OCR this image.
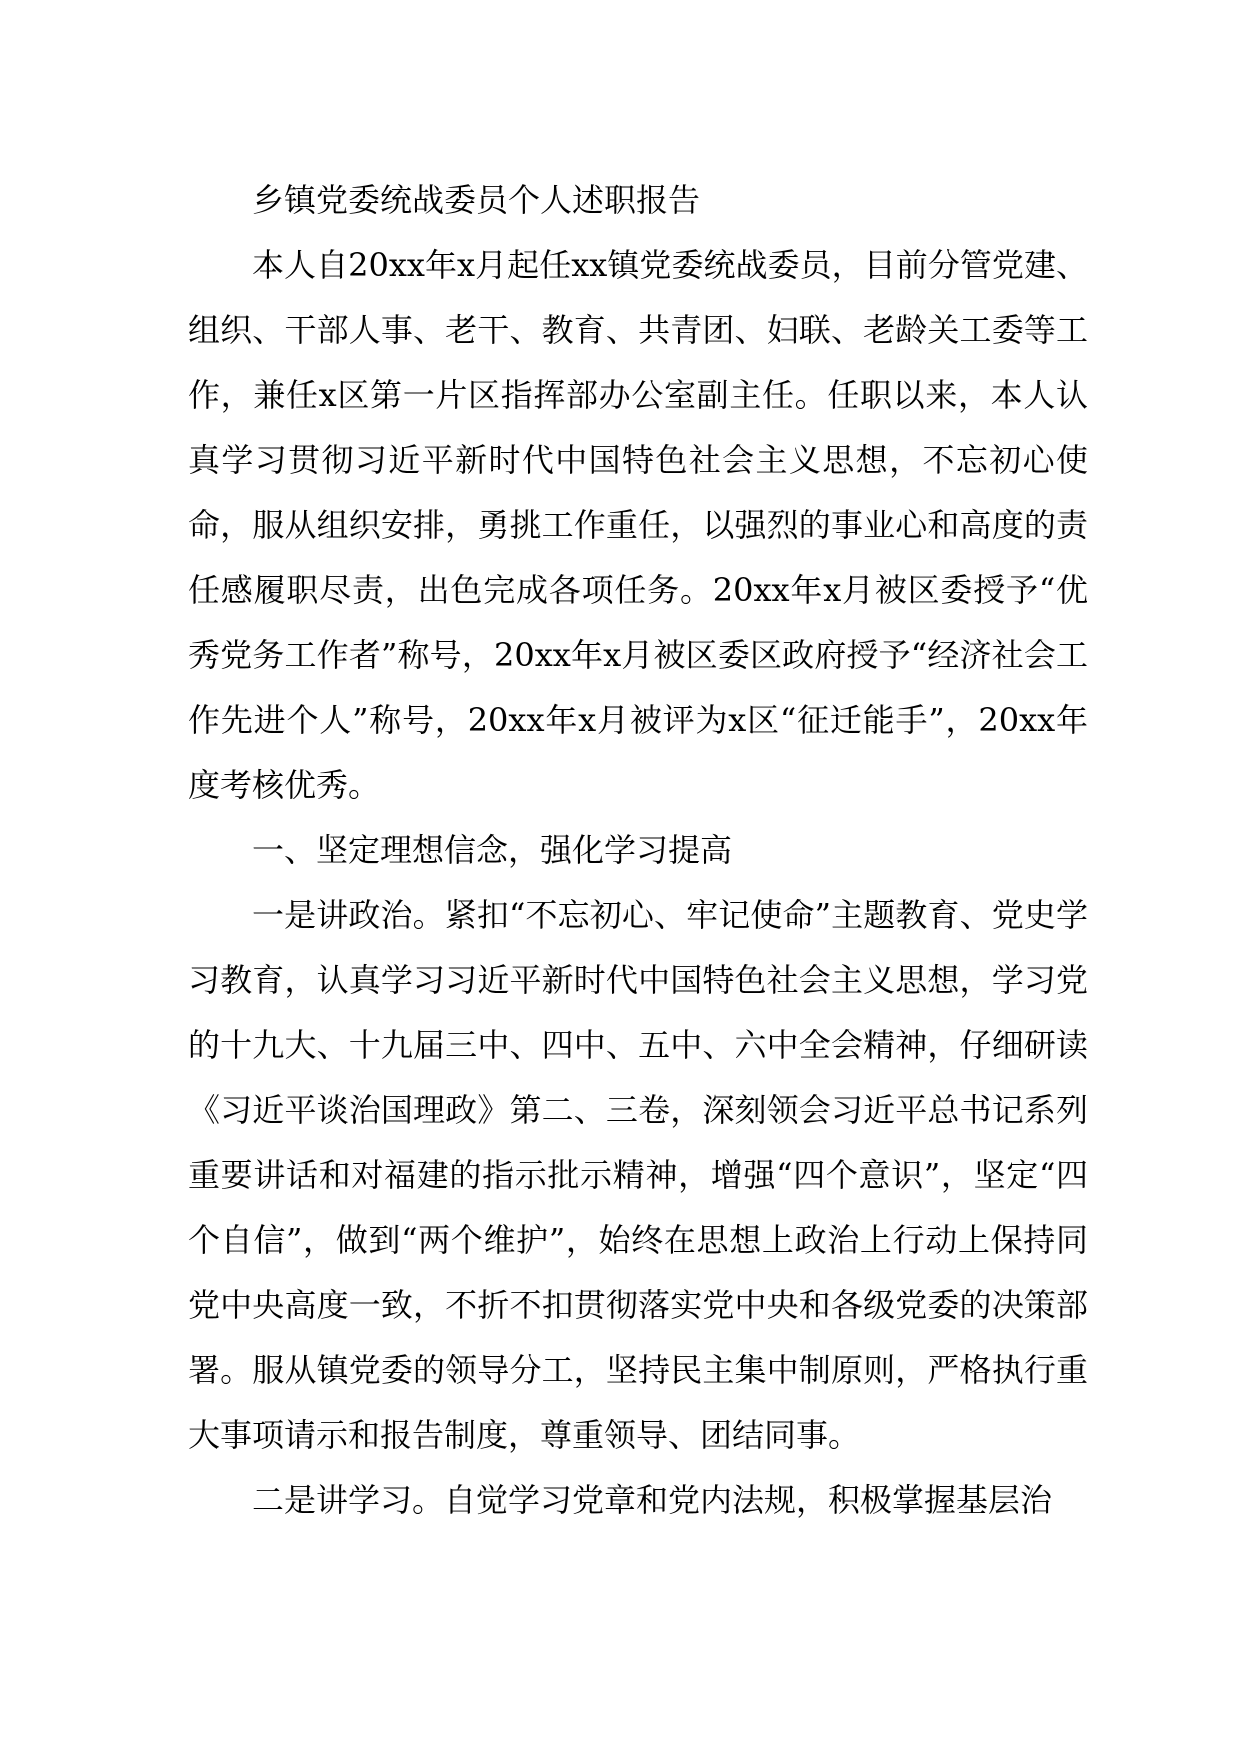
乡镇党委统战委员个人述职报告

本人自20xx年x月起任xx镇党委统战委员，目前分管党建、组织、干部人事、老干、教育、共青团、妇联、老龄关工委等工作，兼任x区第一片区指挥部办公室副主任。任职以来，本人认真学习贯彻习近平新时代中国特色社会主义思想，不忘初心使命，服从组织安排，勇挑工作重任，以强烈的事业心和高度的责任感履职尽责，出色完成各项任务。20xx年x月被区委授予“优秀党务工作者”称号，20xx年x月被区委区政府授予“经济社会工作先进个人”称号，20xx年x月被评为x区“征迁能手”，20xx年度考核优秀。

一、坚定理想信念，强化学习提高

一是讲政治。紧扣“不忘初心、牢记使命”主题教育、党史学习教育，认真学习习近平新时代中国特色社会主义思想，学习党的十九大、十九届三中、四中、五中、六中全会精神，仔细研读《习近平谈治国理政》第二、三卷，深刻领会习近平总书记系列重要讲话和对福建的指示批示精神，增强“四个意识”，坚定“四个自信”，做到“两个维护”，始终在思想上政治上行动上保持同党中央高度一致，不折不扣贯彻落实党中央和各级党委的决策部署。服从镇党委的领导分工，坚持民主集中制原则，严格执行重大事项请示和报告制度，尊重领导、团结同事。

二是讲学习。自觉学习党章和党内法规，积极掌握基层治
